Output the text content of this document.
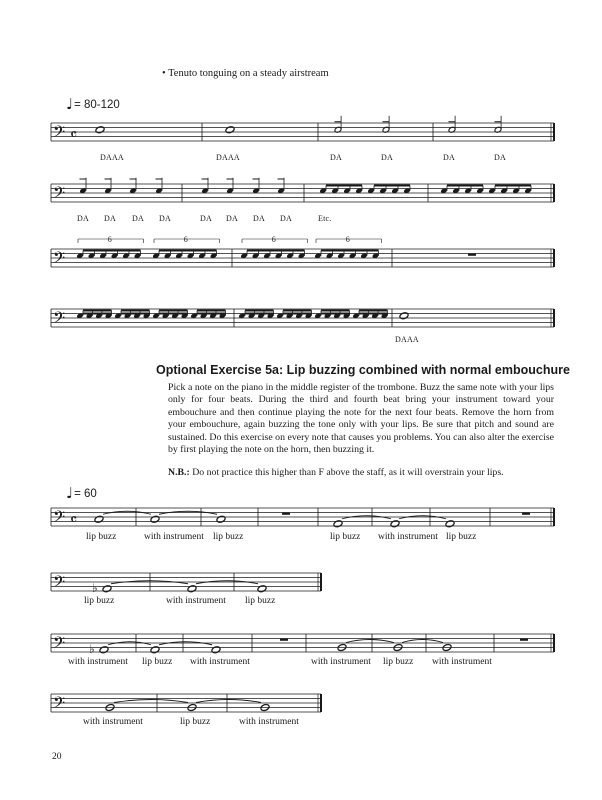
• Tenuto tonguing on a steady airstream
♩ = 80-120
♩ = 60
DAAA	DAAA	DA	DA	DA	DA
DA DA DA DA	DA DA DA DA	Etc.
DAAA
Optional Exercise 5a: Lip buzzing combined with normal embouchure
Pick a note on the piano in the middle register of the trombone. Buzz the same note with your lips only for four beats. During the third and fourth beat bring your instrument toward your embouchure and then continue playing the note for the next four beats. Remove the horn from your embouchure, again buzzing the tone only with your lips. Be sure that pitch and sound are sustained. Do this exercise on every note that causes you problems. You can also alter the exercise by first playing the note on the horn, then buzzing it.
N.B.: Do not practice this higher than F above the staff, as it will overstrain your lips.
lip buzz	with instrument lip buzz	lip buzz with instrument lip buzz
lip buzz	with instrument lip buzz
with instrument lip buzz with instrument	with instrument lip buzz with instrument
with instrument	lip buzz	with instrument
20
𝄢 𝄴
𝄢
𝄢
6	6	6	6
𝄢
𝄢 𝄴
𝄢 ♭
𝄢 ♭
𝄢
